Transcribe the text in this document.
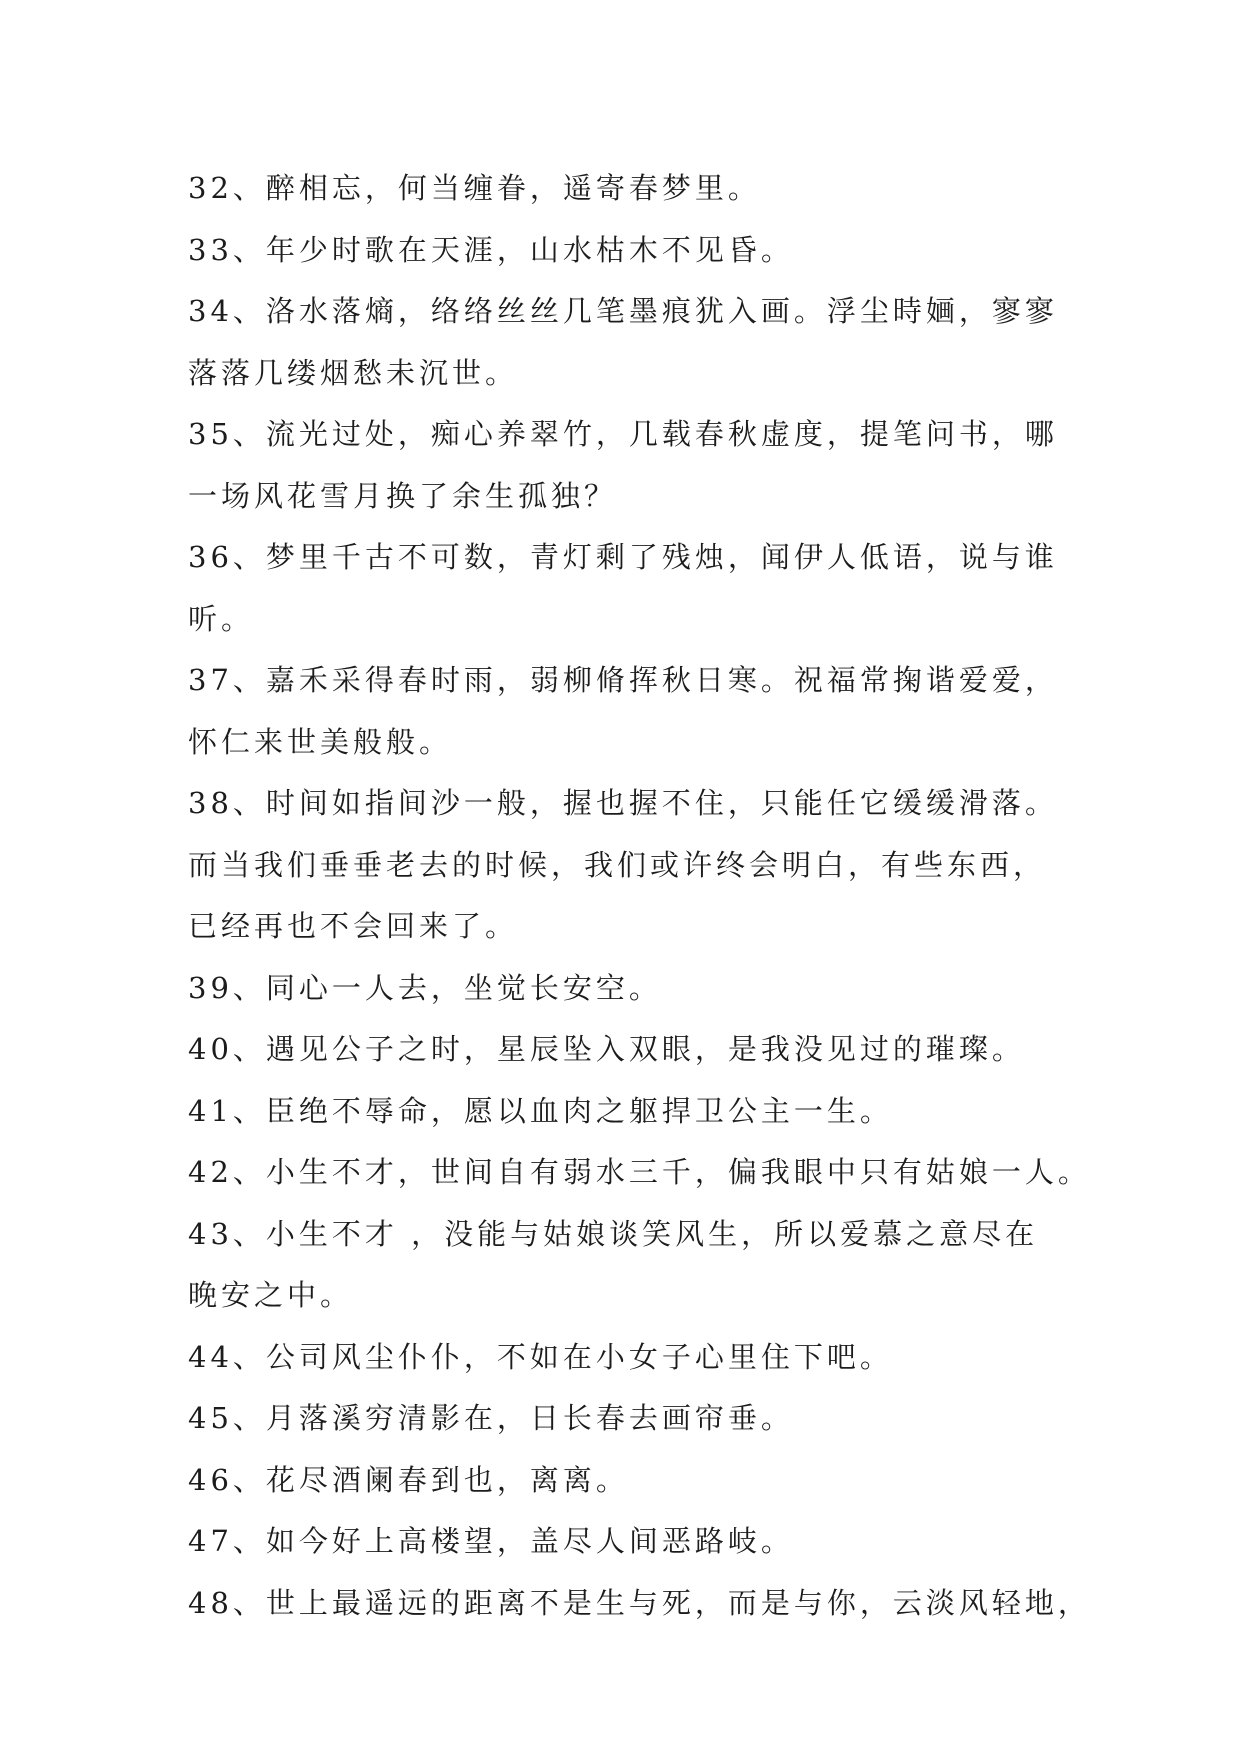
32、醉相忘，何当缠眷，遥寄春梦里。
33、年少时歌在天涯，山水枯木不见昏。
34、洛水落熵，络络丝丝几笔墨痕犹入画。浮尘時婳，寥寥
落落几缕烟愁未沉世。
35、流光过处，痴心养翠竹，几载春秋虚度，提笔问书，哪
一场风花雪月换了余生孤独？
36、梦里千古不可数，青灯剩了残烛，闻伊人低语，说与谁
听。
37、嘉禾采得春时雨，弱柳脩挥秋日寒。祝福常掬谐爱爱，
怀仁来世美般般。
38、时间如指间沙一般，握也握不住，只能任它缓缓滑落。
而当我们垂垂老去的时候，我们或许终会明白，有些东西，
已经再也不会回来了。
39、同心一人去，坐觉长安空。
40、遇见公子之时，星辰坠入双眼，是我没见过的璀璨。
41、臣绝不辱命，愿以血肉之躯捍卫公主一生。
42、小生不才，世间自有弱水三千，偏我眼中只有姑娘一人。
43、小生不才 ，没能与姑娘谈笑风生，所以爱慕之意尽在
晚安之中。
44、公司风尘仆仆，不如在小女子心里住下吧。
45、月落溪穷清影在，日长春去画帘垂。
46、花尽酒阑春到也，离离。
47、如今好上高楼望，盖尽人间恶路岐。
48、世上最遥远的距离不是生与死，而是与你，云淡风轻地，
